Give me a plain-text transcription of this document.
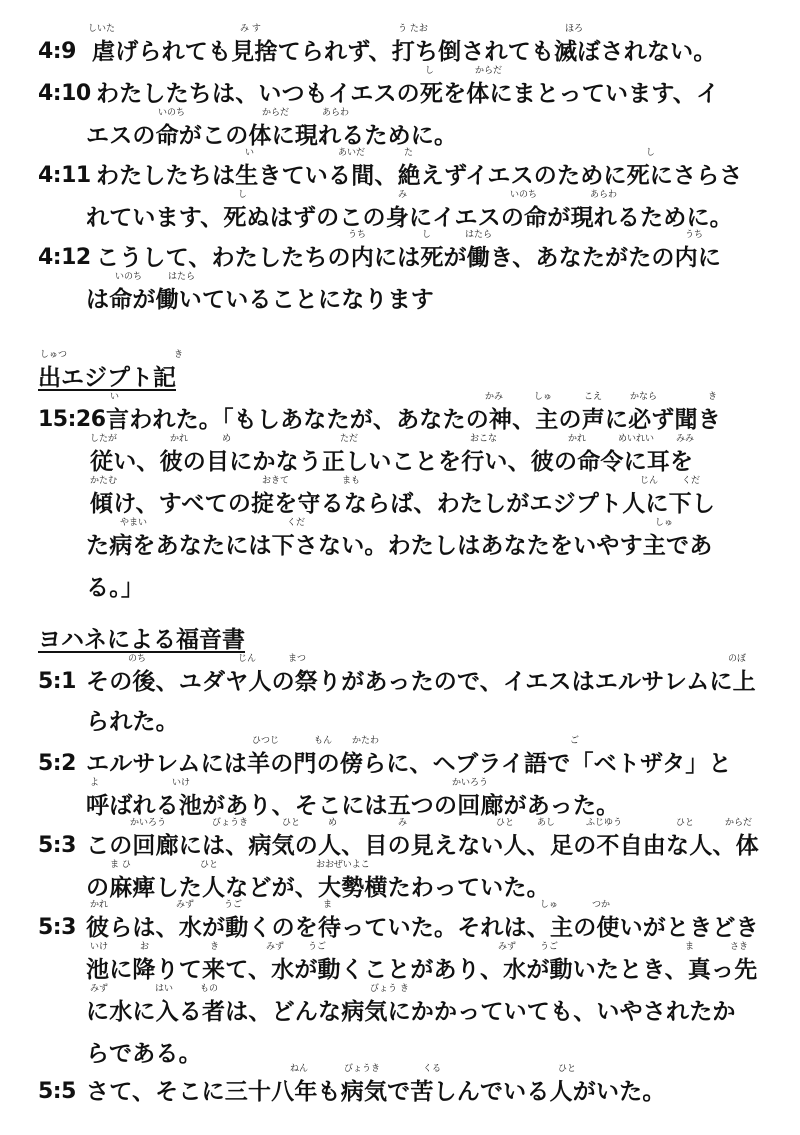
しいた	み す	う たお	ほろ
4:9 虐げられても見捨てられず、打ち倒されても滅ぼされない。
し	からだ
4:10 わたしたちは、いつもイエスの死を体にまとっています、イ
いのち	からだ	あらわ
エスの命がこの体に現れるために。
い	あいだ	た	し
4:11 わたしたちは生きている間、絶えずイエスのために死にさらさ
し	み	いのち	あらわ
れています、死ぬはずのこの身にイエスの命が現れるために。
うち	し	はたら	うち
4:12 こうして、わたしたちの内には死が働き、あなたがたの内に
いのち	はたら
は命が働いていることになります
しゅつ	き
出エジプト記
い	かみ	しゅ	こえ	かなら	き
15:26 言われた。「もしあなたが、あなたの神、主の声に必ず聞き
したが	かれ	め	ただ	おこな	かれ	めいれい みみ
従い、彼の目にかなう正しいことを行い、彼の命令に耳を
かたむ	おきて	まも	じん	くだ
傾け、すべての掟を守るならば、わたしがエジプト人に下し
やまい	くだ	しゅ
た病をあなたには下さない。わたしはあなたをいやす主であ
る。」
ヨハネによる福音書
のち	じん	まつ	のぼ
5:1 その後、ユダヤ人の祭りがあったので、イエスはエルサレムに上
られた。
ひつじ	もん かたわ	ご
5:2 エルサレムには羊の門の傍らに、ヘブライ語で「ベトザタ」と
よ	いけ	かいろう
呼ばれる池があり、そこには五つの回廊があった。
かいろう	びょうき	ひと	め	み	ひと	あし	ふじゆう	ひと	からだ
5:3 この回廊には、病気の人、目の見えない人、足の不自由な人、体
ま ひ	ひと	おおぜいよこ
の麻痺した人などが、大勢横たわっていた。
かれ	みず	うご	ま	しゅ	つか
5:3 彼らは、水が動くのを待っていた。それは、主の使いがときどき
いけ	お	き	みず	うご	みず	うご	ま	さき
池に降りて来て、水が動くことがあり、水が動いたとき、真っ先
みず	はい	もの	びょう き
に水に入る者は、どんな病気にかかっていても、いやされたか
らである。
ねん	びょうき	くる	ひと
5:5 さて、そこに三十八年も病気で苦しんでいる人がいた。
